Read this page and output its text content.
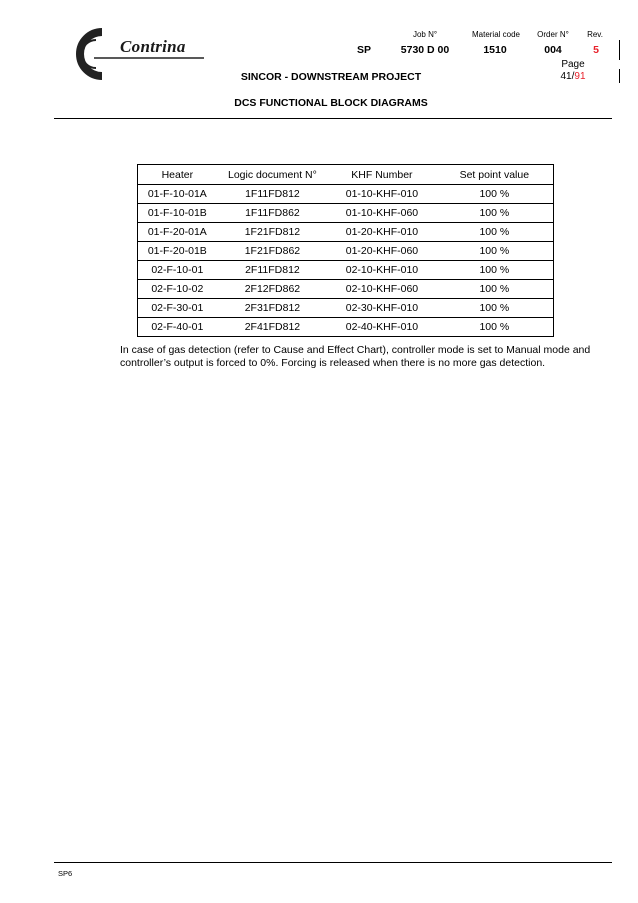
Contrina
Job N°	Material code Order N° Rev.
SP	5730 D 00	1510	004	5
Page
41/91
SINCOR - DOWNSTREAM PROJECT
DCS FUNCTIONAL BLOCK DIAGRAMS
Heater	Logic document N°	KHF Number	Set point value
01-F-10-01A	1F11FD812	01-10-KHF-010	100 %
01-F-10-01B	1F11FD862	01-10-KHF-060	100 %
01-F-20-01A	1F21FD812	01-20-KHF-010	100 %
01-F-20-01B	1F21FD862	01-20-KHF-060	100 %
02-F-10-01	2F11FD812	02-10-KHF-010	100 %
02-F-10-02	2F12FD862	02-10-KHF-060	100 %
02-F-30-01	2F31FD812	02-30-KHF-010	100 %
02-F-40-01	2F41FD812	02-40-KHF-010	100 %
In case of gas detection (refer to Cause and Effect Chart), controller mode is set to Manual mode and controller’s output is forced to 0%. Forcing is released when there is no more gas detection.
SP6
